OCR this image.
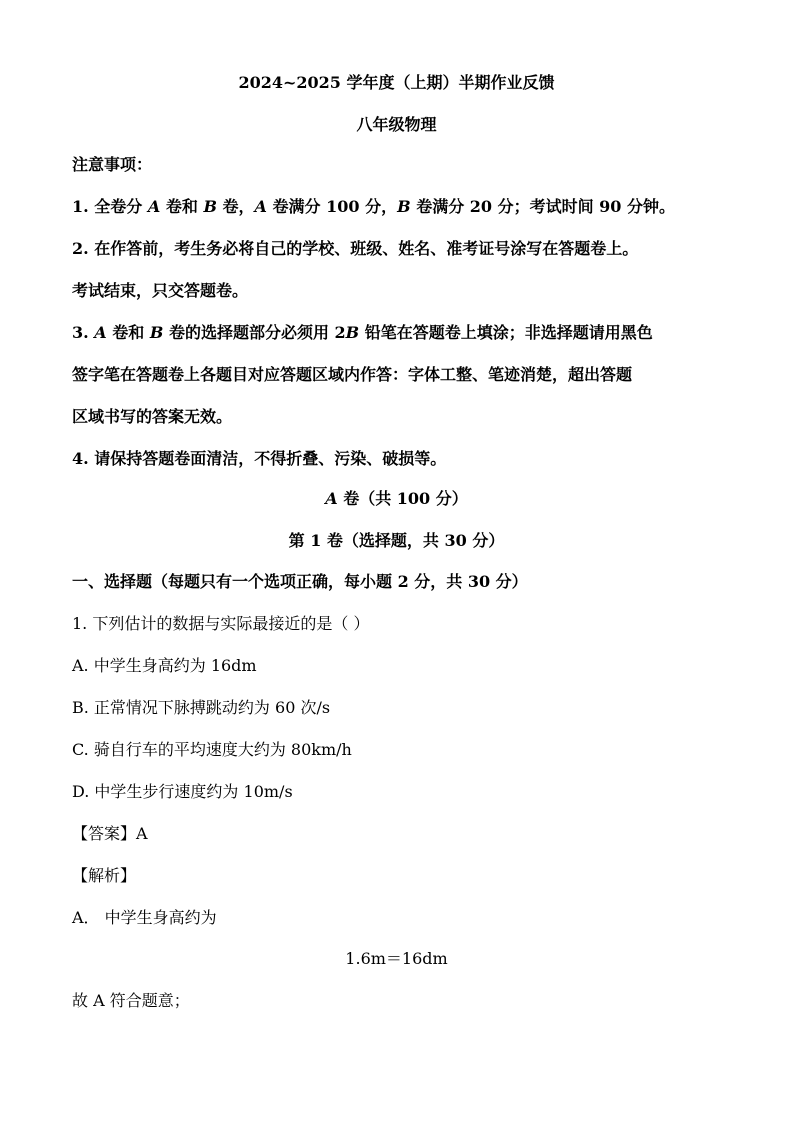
2024~2025 学年度（上期）半期作业反馈
八年级物理
注意事项：
1. 全卷分 A 卷和 B 卷，A 卷满分 100 分，B 卷满分 20 分；考试时间 90 分钟。
2. 在作答前，考生务必将自己的学校、班级、姓名、准考证号涂写在答题卷上。
考试结束，只交答题卷。
3. A 卷和 B 卷的选择题部分必须用 2B 铅笔在答题卷上填涂；非选择题请用黑色
签字笔在答题卷上各题目对应答题区域内作答：字体工整、笔迹消楚，超出答题
区域书写的答案无效。
4. 请保持答题卷面清洁，不得折叠、污染、破损等。
A 卷（共 100 分）
第 1 卷（选择题，共 30 分）
一、选择题（每题只有一个选项正确，每小题 2 分，共 30 分）
1. 下列估计的数据与实际最接近的是（ ）
A. 中学生身高约为 16dm
B. 正常情况下脉搏跳动约为 60 次/s
C. 骑自行车的平均速度大约为 80km/h
D. 中学生步行速度约为 10m/s
【答案】A
【解析】
A． 中学生身高约为
1.6m＝16dm
故 A 符合题意；
